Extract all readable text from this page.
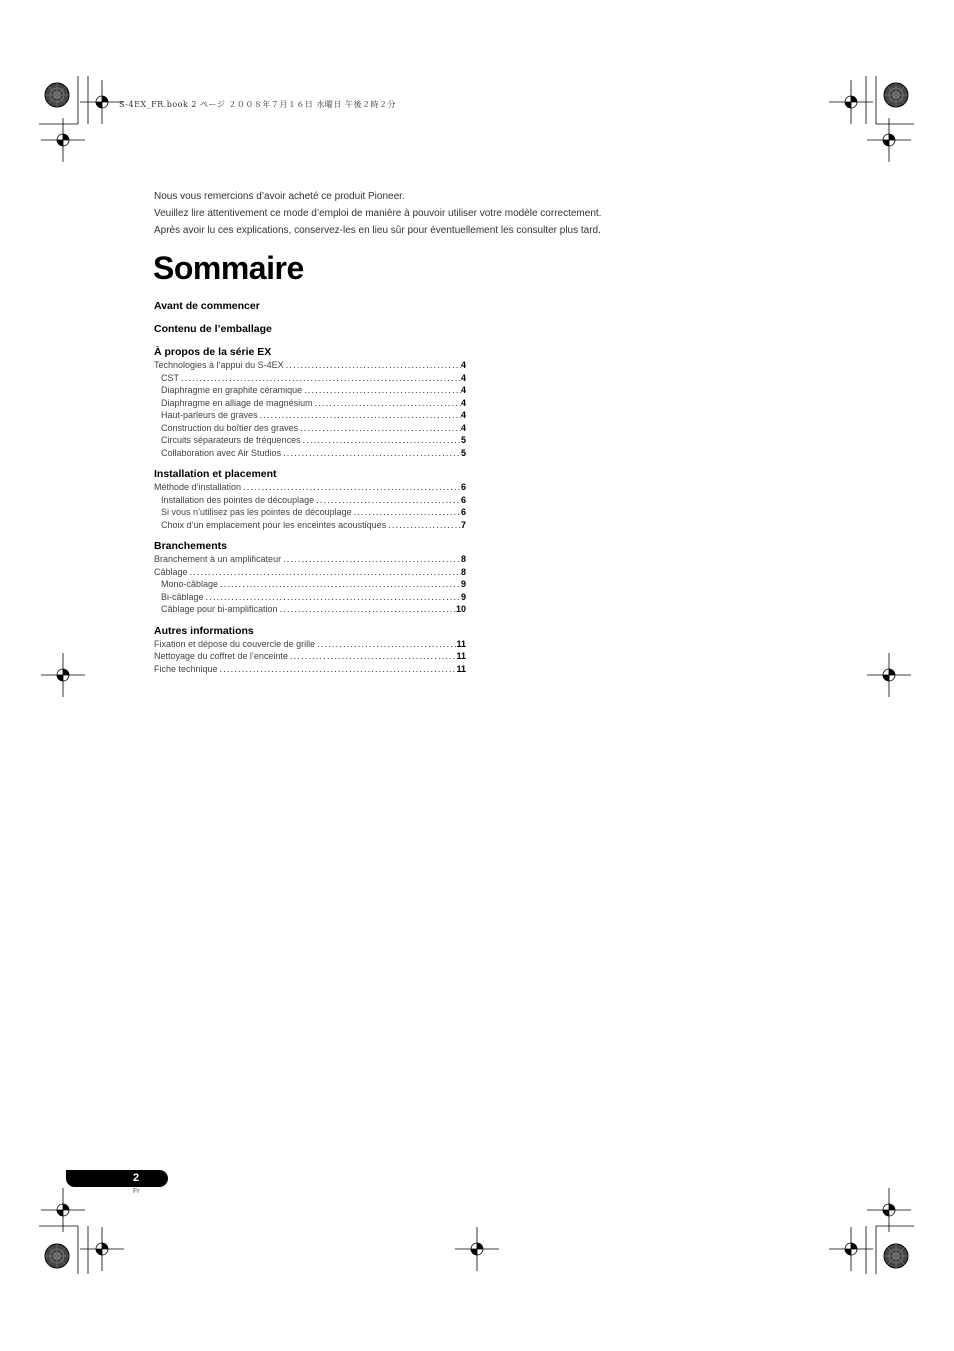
S-4EX_FR.book 2 ページ ２００８年７月１６日 水曜日 午後２時２分

Nous vous remercions d’avoir acheté ce produit Pioneer.

Veuillez lire attentivement ce mode d’emploi de manière à pouvoir utiliser votre modèle correctement.

Après avoir lu ces explications, conservez-les en lieu sûr pour éventuellement les consulter plus tard.

Sommaire
Avant de commencer
Contenu de l’emballage
À propos de la série EX
Technologies à l’appui du S-4EX .....	4
CST .....	4
Diaphragme en graphite céramique .....	4
Diaphragme en alliage de magnésium .....	4
Haut-parleurs de graves .....	4
Construction du boîtier des graves .....	4
Circuits séparateurs de fréquences .....	5
Collaboration avec Air Studios .....	5
Installation et placement
Méthode d’installation .....	6
Installation des pointes de découplage .....	6
Si vous n’utilisez pas les pointes de découplage .....	6
Choix d’un emplacement pour les enceintes acoustiques .....	7
Branchements
Branchement à un amplificateur .....	8
Câblage .....	8
Mono-câblage .....	9
Bi-câblage .....	9
Câblage pour bi-amplification .....	10
Autres informations
Fixation et dépose du couvercle de grille .....	11
Nettoyage du coffret de l’enceinte .....	11
Fiche technique .....	11
2
Fr
